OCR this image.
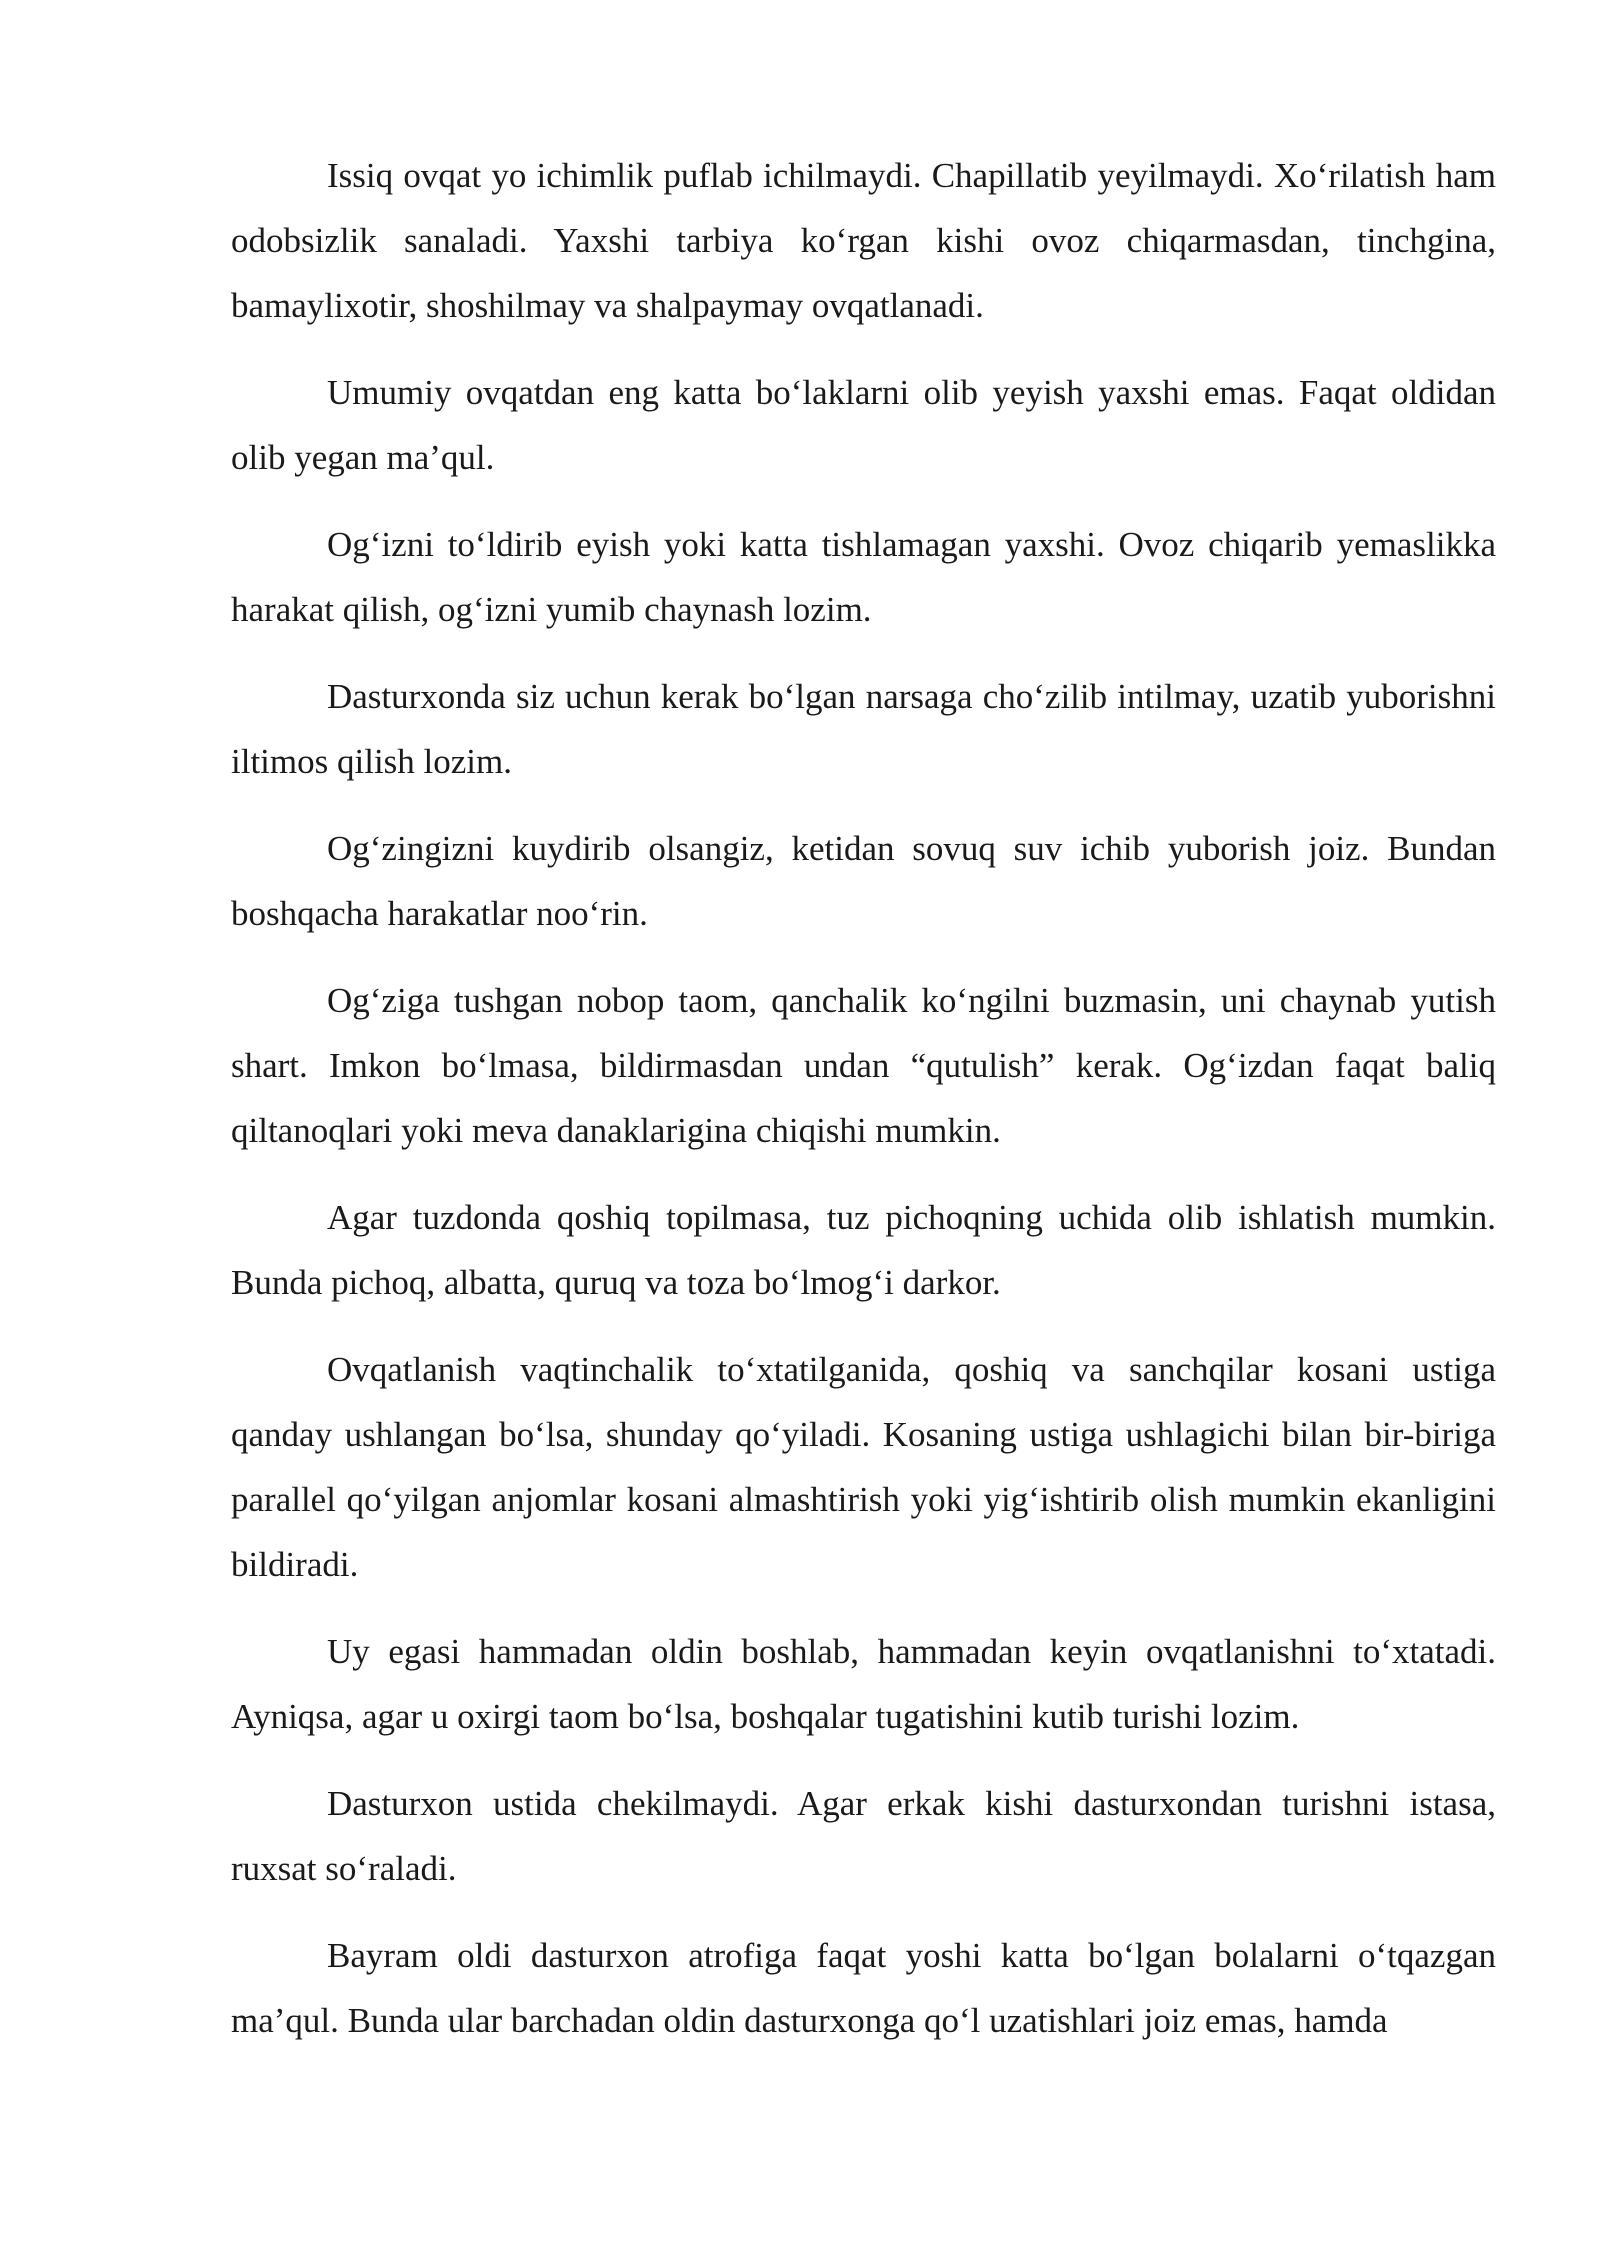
Issiq ovqat yo ichimlik puflab ichilmaydi. Chapillatib yeyilmaydi. Xo‘rilatish ham odobsizlik sanaladi. Yaxshi tarbiya ko‘rgan kishi ovoz chiqarmasdan, tinchgina, bamaylixotir, shoshilmay va shalpaymay ovqatlanadi.

Umumiy ovqatdan eng katta bo‘laklarni olib yeyish yaxshi emas. Faqat oldidan olib yegan ma’qul.

Og‘izni to‘ldirib eyish yoki katta tishlamagan yaxshi. Ovoz chiqarib yemaslikka harakat qilish, og‘izni yumib chaynash lozim.

Dasturxonda siz uchun kerak bo‘lgan narsaga cho‘zilib intilmay, uzatib yuborishni iltimos qilish lozim.

Og‘zingizni kuydirib olsangiz, ketidan sovuq suv ichib yuborish joiz. Bundan boshqacha harakatlar noo‘rin.

Og‘ziga tushgan nobop taom, qanchalik ko‘ngilni buzmasin, uni chaynab yutish shart. Imkon bo‘lmasa, bildirmasdan undan “qutulish” kerak. Og‘izdan faqat baliq qiltanoqlari yoki meva danaklarigina chiqishi mumkin.

Agar tuzdonda qoshiq topilmasa, tuz pichoqning uchida olib ishlatish mumkin. Bunda pichoq, albatta, quruq va toza bo‘lmog‘i darkor.

Ovqatlanish vaqtinchalik to‘xtatilganida, qoshiq va sanchqilar kosani ustiga qanday ushlangan bo‘lsa, shunday qo‘yiladi. Kosaning ustiga ushlagichi bilan bir-biriga parallel qo‘yilgan anjomlar kosani almashtirish yoki yig‘ishtirib olish mumkin ekanligini bildiradi.

Uy egasi hammadan oldin boshlab, hammadan keyin ovqatlanishni to‘xtatadi. Ayniqsa, agar u oxirgi taom bo‘lsa, boshqalar tugatishini kutib turishi lozim.

Dasturxon ustida chekilmaydi. Agar erkak kishi dasturxondan turishni istasa, ruxsat so‘raladi.

Bayram oldi dasturxon atrofiga faqat yoshi katta bo‘lgan bolalarni o‘tqazgan ma’qul. Bunda ular barchadan oldin dasturxonga qo‘l uzatishlari joiz emas, hamda
